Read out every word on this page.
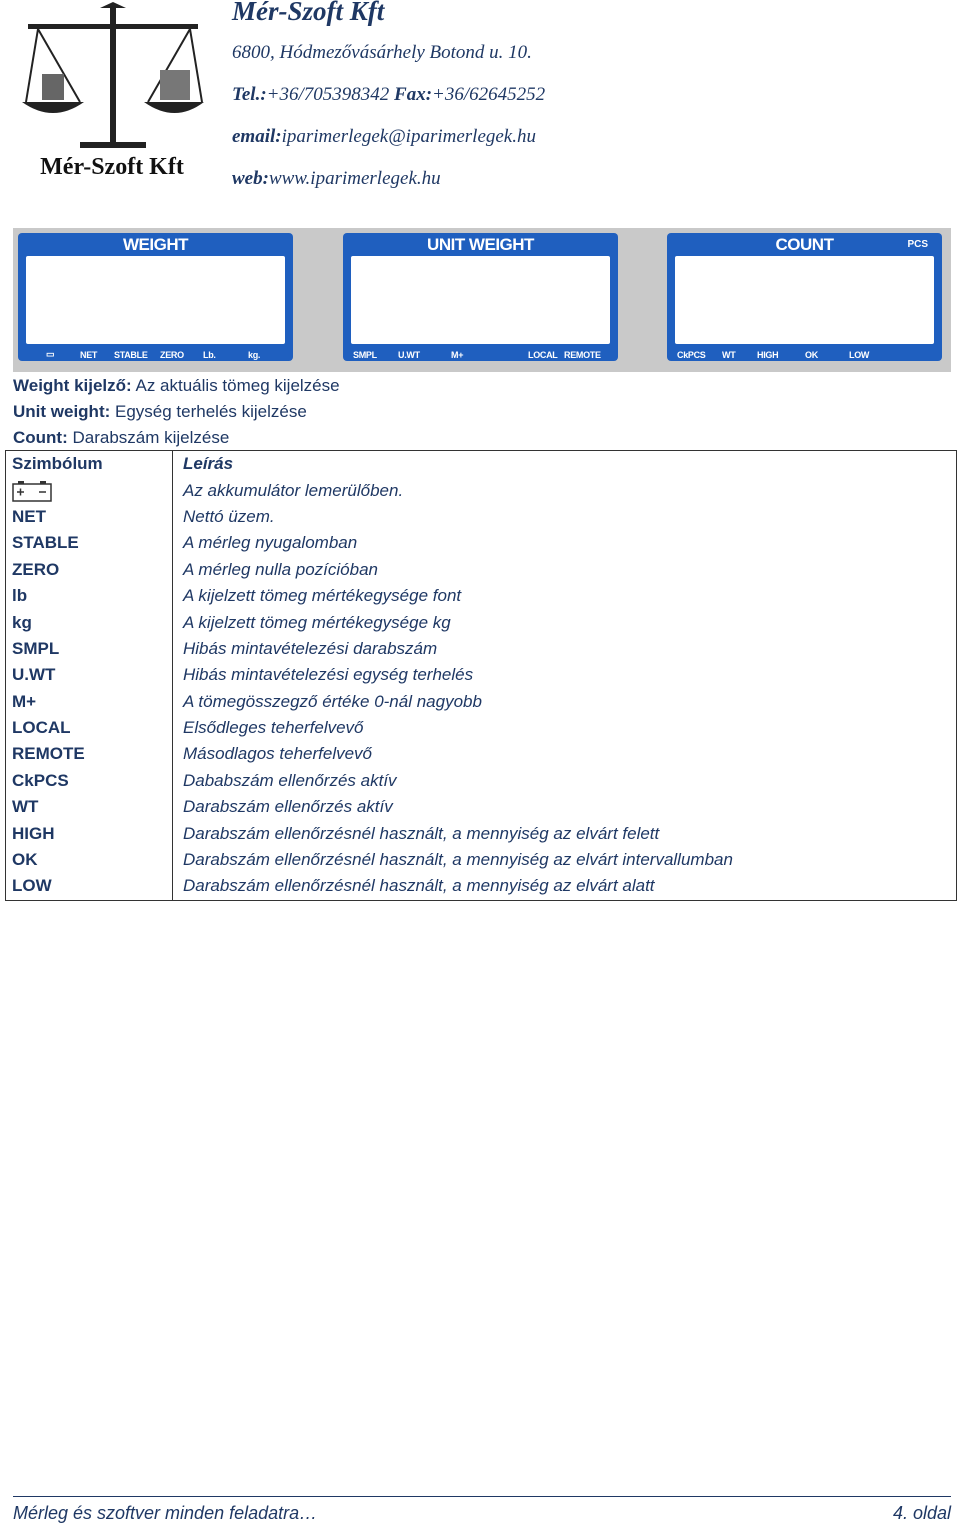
Mér-Szoft Kft
Mér-Szoft Kft
6800, Hódmezővásárhely Botond u. 10.
Tel.:+36/705398342 Fax:+36/62645252
email:iparimerlegek@iparimerlegek.hu
web:www.iparimerlegek.hu
WEIGHT
▭	NET STABLE ZERO Lb.	kg.
UNIT WEIGHT
SMPL U.WT	M+	LOCAL REMOTE
COUNT	PCS
CkPCS WT HIGH	OK	LOW
Weight kijelző: Az aktuális tömeg kijelzése
Unit weight: Egység terhelés kijelzése
Count: Darabszám kijelzése
Szimbólum	Leírás
	Az akkumulátor lemerülőben.
NET	Nettó üzem.
STABLE	A mérleg nyugalomban
ZERO	A mérleg nulla pozícióban
lb	A kijelzett tömeg mértékegysége font
kg	A kijelzett tömeg mértékegysége kg
SMPL	Hibás mintavételezési darabszám
U.WT	Hibás mintavételezési egység terhelés
M+	A tömegösszegző értéke 0-nál nagyobb
LOCAL	Elsődleges teherfelvevő
REMOTE	Másodlagos teherfelvevő
CkPCS	Dababszám ellenőrzés aktív
WT	Darabszám ellenőrzés aktív
HIGH	Darabszám ellenőrzésnél használt, a mennyiség az elvárt felett
OK	Darabszám ellenőrzésnél használt, a mennyiség az elvárt intervallumban
LOW	Darabszám ellenőrzésnél használt, a mennyiség az elvárt alatt
Mérleg és szoftver minden feladatra…	4. oldal
